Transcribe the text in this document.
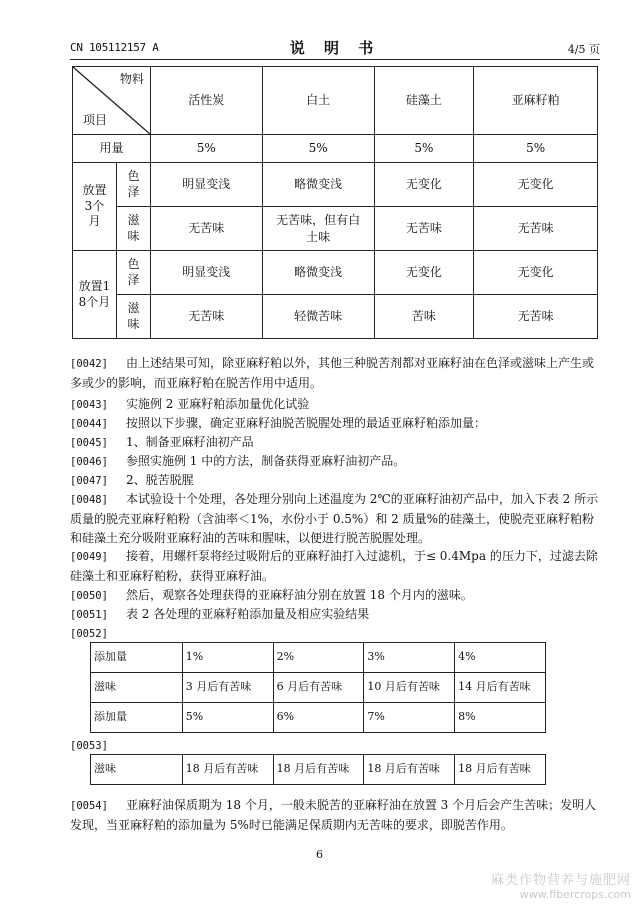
CN 105112157 A	说 明 书	4/5 页
物料
项目		活性炭	白土	硅藻土	亚麻籽粕
用量		5%	5%	5%	5%
放置3个月	色泽	明显变浅	略微变浅	无变化	无变化
	滋味	无苦味	无苦味，但有白土味	无苦味	无苦味
放置18个月	色泽	明显变浅	略微变浅	无变化	无变化
	滋味	无苦味	轻微苦味	苦味	无苦味
[0042] 由上述结果可知，除亚麻籽粕以外，其他三种脱苦剂都对亚麻籽油在色泽或滋味上产生或多或少的影响，而亚麻籽粕在脱苦作用中适用。
[0043] 实施例 2 亚麻籽粕添加量优化试验
[0044] 按照以下步骤，确定亚麻籽油脱苦脱腥处理的最适亚麻籽粕添加量：
[0045] 1、制备亚麻籽油初产品
[0046] 参照实施例 1 中的方法，制备获得亚麻籽油初产品。
[0047] 2、脱苦脱腥
[0048] 本试验设十个处理，各处理分别向上述温度为 2℃的亚麻籽油初产品中，加入下表 2 所示质量的脱壳亚麻籽粕粉（含油率＜1%，水份小于 0.5%）和 2 质量%的硅藻土，使脱壳亚麻籽粕粉和硅藻土充分吸附亚麻籽油的苦味和腥味，以便进行脱苦脱腥处理。
[0049] 接着，用螺杆泵将经过吸附后的亚麻籽油打入过滤机，于≤ 0.4Mpa 的压力下，过滤去除硅藻土和亚麻籽粕粉，获得亚麻籽油。
[0050] 然后，观察各处理获得的亚麻籽油分别在放置 18 个月内的滋味。
[0051] 表 2 各处理的亚麻籽粕添加量及相应实验结果
[0052]
添加量	1%	2%	3%	4%
滋味	3 月后有苦味	6 月后有苦味	10 月后有苦味	14 月后有苦味
添加量	5%	6%	7%	8%
[0053]
滋味	18 月后有苦味	18 月后有苦味	18 月后有苦味	18 月后有苦味
[0054] 亚麻籽油保质期为 18 个月，一般未脱苦的亚麻籽油在放置 3 个月后会产生苦味；发明人发现，当亚麻籽粕的添加量为 5%时已能满足保质期内无苦味的要求，即脱苦作用。
6
麻类作物营养与施肥网
www.fibercrops.com
